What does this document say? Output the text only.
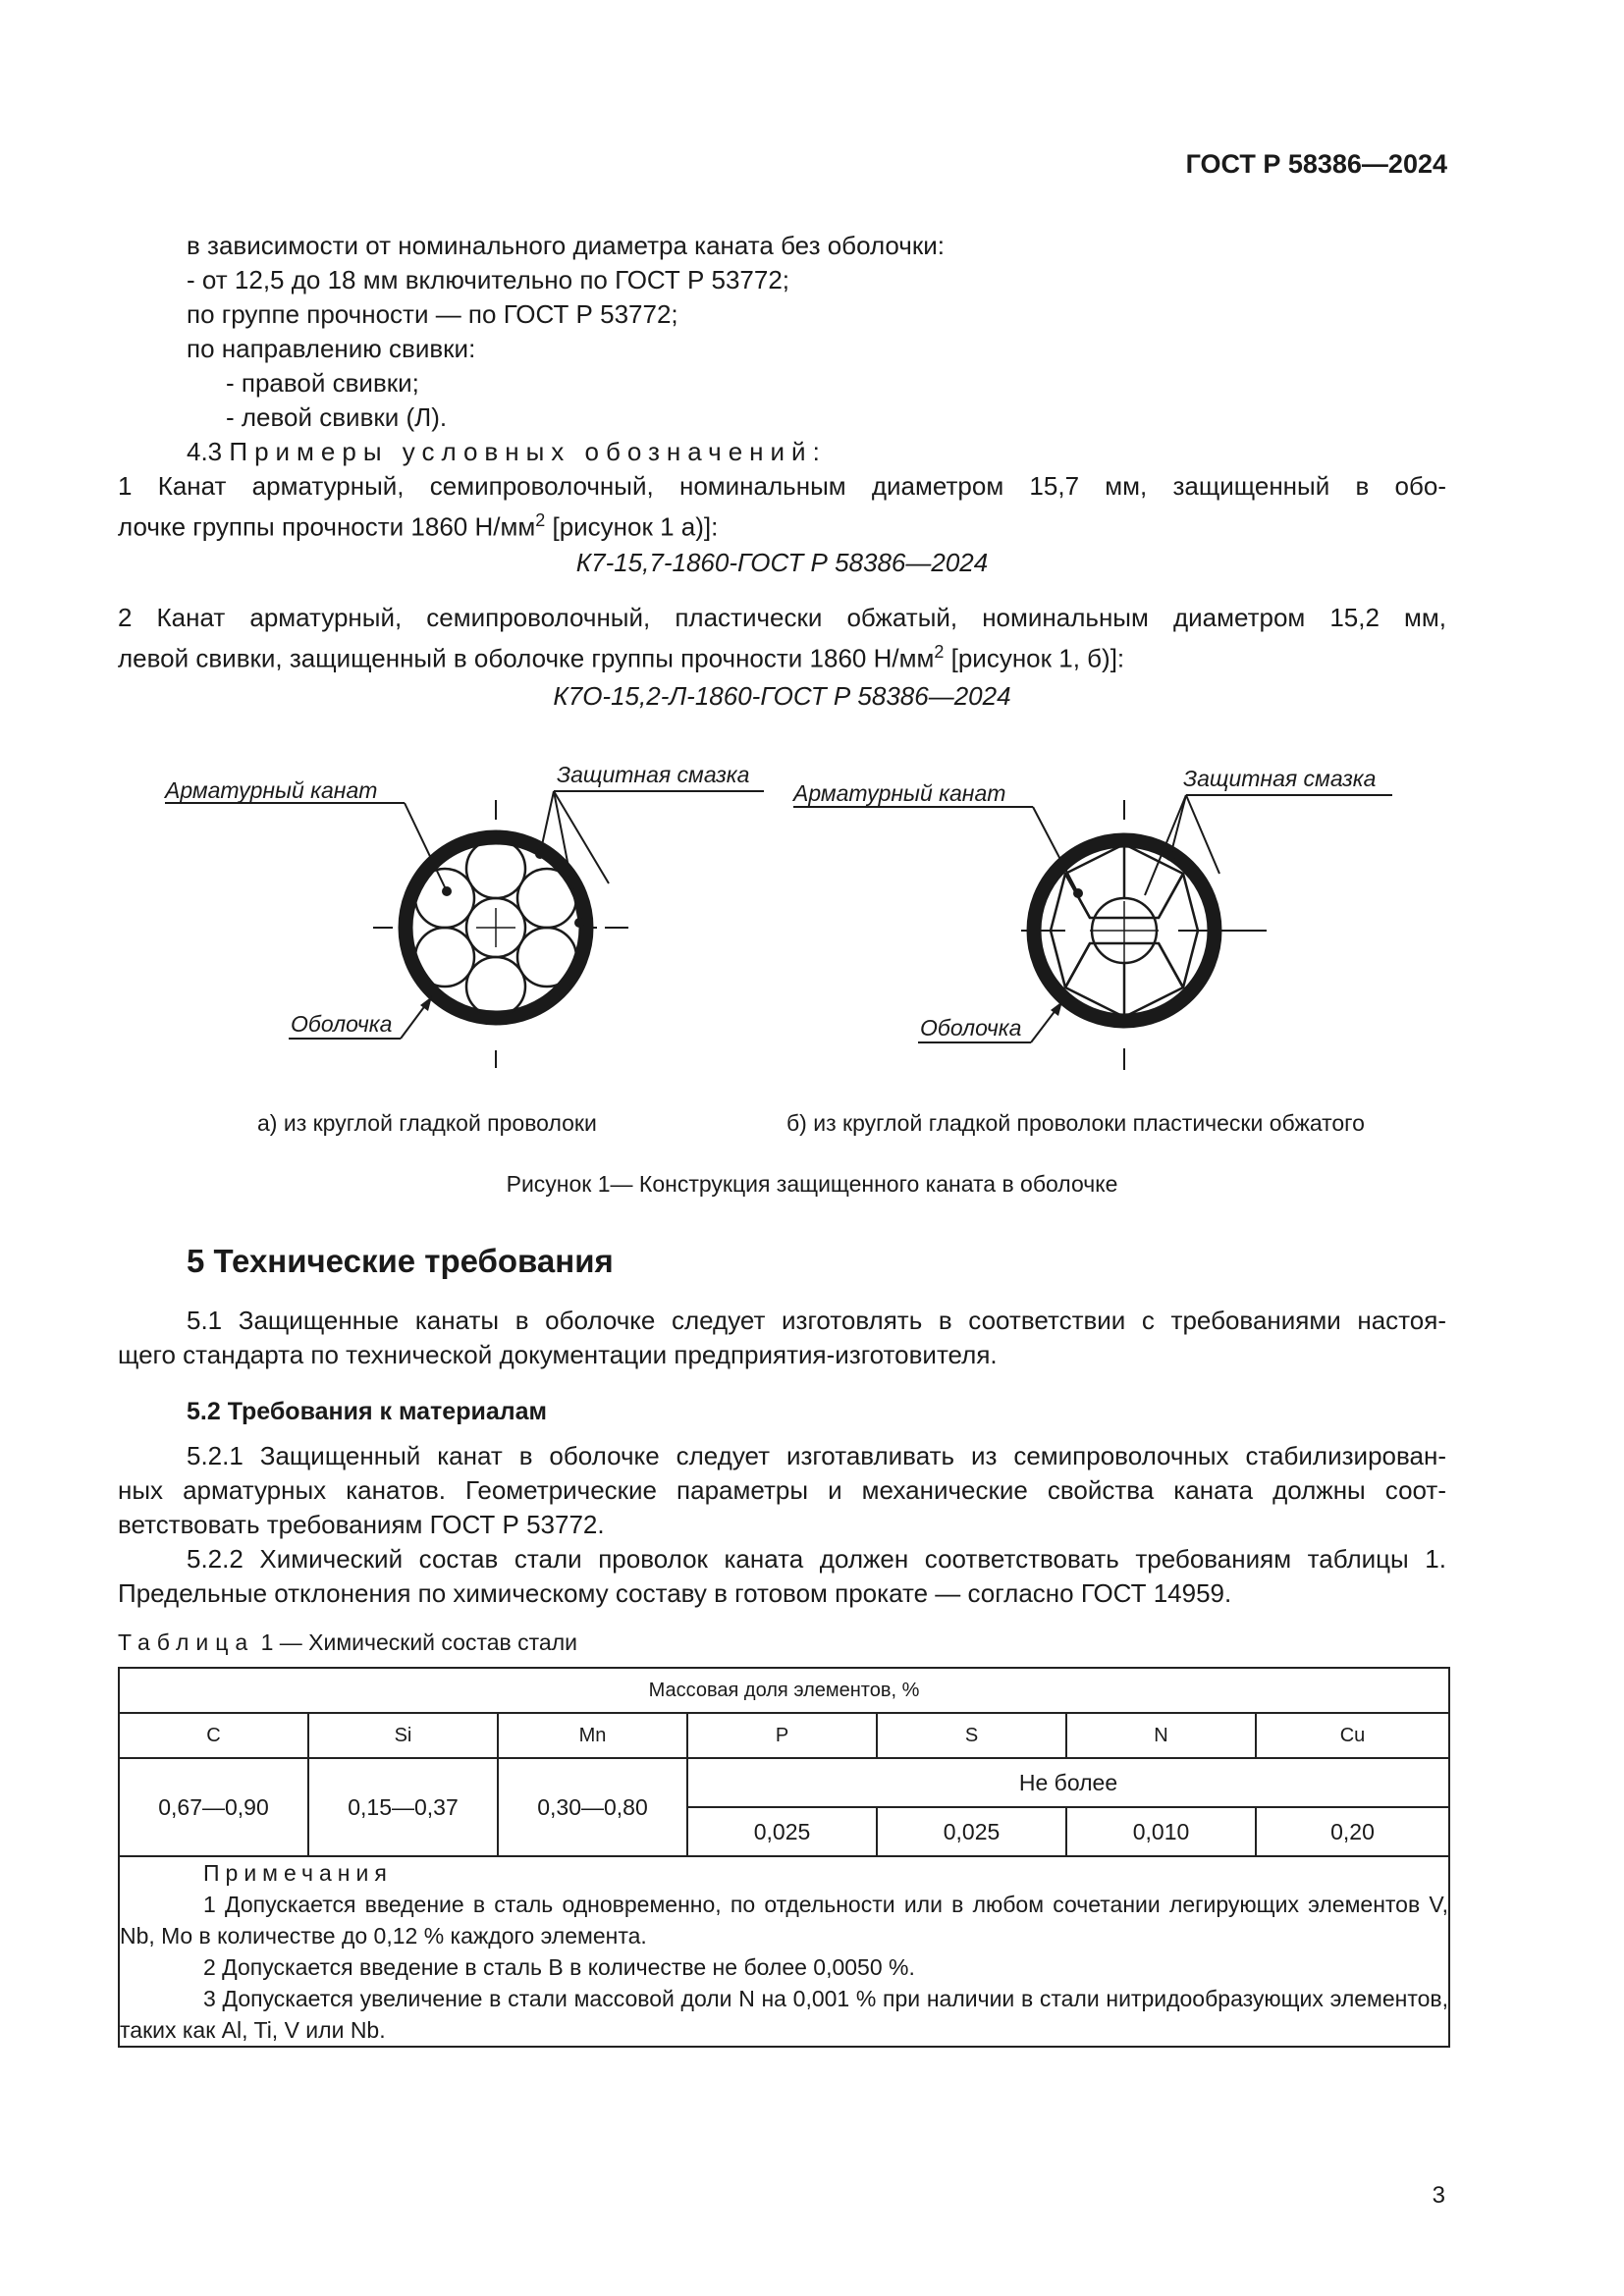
ГОСТ Р 58386—2024
в зависимости от номинального диаметра каната без оболочки:
- от 12,5 до 18 мм включительно по ГОСТ Р 53772;
по группе прочности — по ГОСТ Р 53772;
по направлению свивки:
- правой свивки;
- левой свивки (Л).
4.3 Примеры условных обозначений:
1 Канат арматурный, семипроволочный, номинальным диаметром 15,7 мм, защищенный в обо-
лочке группы прочности 1860 $Н/мм^2$ [рисунок 1 а)]:
К7-15,7-1860-ГОСТ Р 58386—2024
2 Канат арматурный, семипроволочный, пластически обжатый, номинальным диаметром 15,2 мм,
левой свивки, защищенный в оболочке группы прочности 1860 $Н/мм^2$ [рисунок 1, б)]:
К7О-15,2-Л-1860-ГОСТ Р 58386—2024
Арматурный канат
Защитная смазка
Оболочка
Арматурный канат
Защитная смазка
Оболочка
а) из круглой гладкой проволоки	б) из круглой гладкой проволоки пластически обжатого
Рисунок 1— Конструкция защищенного каната в оболочке
5 Технические требования
5.1 Защищенные канаты в оболочке следует изготовлять в соответствии с требованиями настоя-
щего стандарта по технической документации предприятия-изготовителя.
5.2 Требования к материалам
5.2.1 Защищенный канат в оболочке следует изготавливать из семипроволочных стабилизирован-
ных арматурных канатов. Геометрические параметры и механические свойства каната должны соот-
ветствовать требованиям ГОСТ Р 53772.
5.2.2 Химический состав стали проволок каната должен соответствовать требованиям таблицы 1.
Предельные отклонения по химическому составу в готовом прокате — согласно ГОСТ 14959.
Таблица 1 — Химический состав стали
Массовая доля элементов, %						
C	Si	Mn	P	S	N	Cu
0,67—0,90	0,15—0,37	0,30—0,80	Не более			
			0,025	0,025	0,010	0,20

Примечания
1 Допускается введение в сталь одновременно, по отдельности или в любом сочетании легирующих элементов V, Nb, Mo в количестве до 0,12 % каждого элемента.
2 Допускается введение в сталь B в количестве не более 0,0050 %.
3 Допускается увеличение в стали массовой доли N на 0,001 % при наличии в стали нитридообразующих элементов, таких как Al, Ti, V или Nb.						
3
